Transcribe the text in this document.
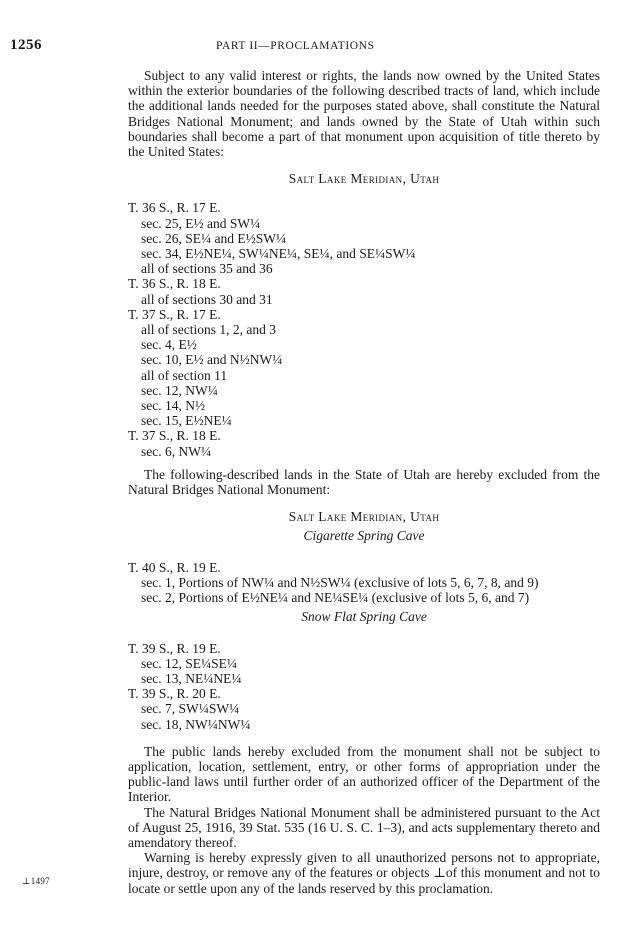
1256	PART II—PROCLAMATIONS

Subject to any valid interest or rights, the lands now owned by the United States within the exterior boundaries of the following described tracts of land, which include the additional lands needed for the purposes stated above, shall constitute the Natural Bridges National Monument; and lands owned by the State of Utah within such boundaries shall become a part of that monument upon acquisition of title thereto by the United States:

Salt Lake Meridian, Utah
T. 36 S., R. 17 E.
sec. 25, E½ and SW¼
sec. 26, SE¼ and E½SW¼
sec. 34, E½NE¼, SW¼NE¼, SE¼, and SE¼SW¼
all of sections 35 and 36
T. 36 S., R. 18 E.
all of sections 30 and 31
T. 37 S., R. 17 E.
all of sections 1, 2, and 3
sec. 4, E½
sec. 10, E½ and N½NW¼
all of section 11
sec. 12, NW¼
sec. 14, N½
sec. 15, E½NE¼
T. 37 S., R. 18 E.
sec. 6, NW¼

The following-described lands in the State of Utah are hereby excluded from the Natural Bridges National Monument:

Salt Lake Meridian, Utah
Cigarette Spring Cave
T. 40 S., R. 19 E.
sec. 1, Portions of NW¼ and N½SW¼ (exclusive of lots 5, 6, 7, 8, and 9)
sec. 2, Portions of E½NE¼ and NE¼SE¼ (exclusive of lots 5, 6, and 7)
Snow Flat Spring Cave
T. 39 S., R. 19 E.
sec. 12, SE¼SE¼
sec. 13, NE¼NE¼
T. 39 S., R. 20 E.
sec. 7, SW¼SW¼
sec. 18, NW¼NW¼

The public lands hereby excluded from the monument shall not be subject to application, location, settlement, entry, or other forms of appropriation under the public-land laws until further order of an authorized officer of the Department of the Interior.

The Natural Bridges National Monument shall be administered pursuant to the Act of August 25, 1916, 39 Stat. 535 (16 U. S. C. 1–3), and acts supplementary thereto and amendatory thereof.

Warning is hereby expressly given to all unauthorized persons not to appropriate, injure, destroy, or remove any of the features or objects ⊥of this monument and not to locate or settle upon any of the lands reserved by this proclamation.

⊥1497
